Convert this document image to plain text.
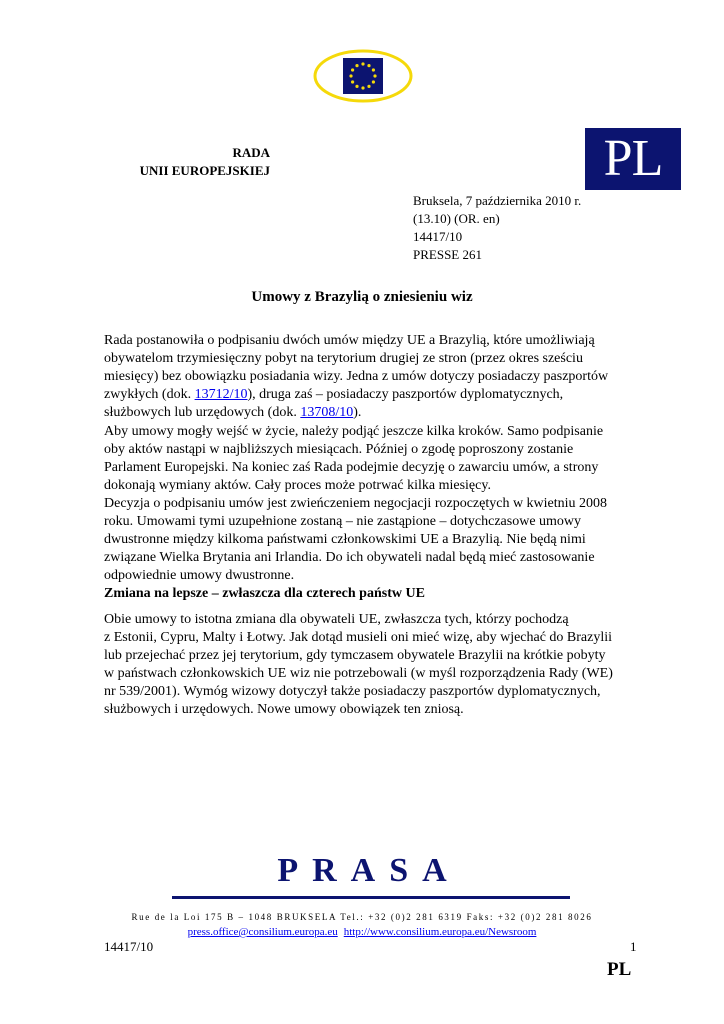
RADA
UNII EUROPEJSKIEJ	PL
Bruksela, 7 października 2010 r.
(13.10) (OR. en)
14417/10
PRESSE 261
Umowy z Brazylią o zniesieniu wiz

Rada postanowiła o podpisaniu dwóch umów między UE a Brazylią, które umożliwiają

obywatelom trzymiesięczny pobyt na terytorium drugiej ze stron (przez okres sześciu

miesięcy) bez obowiązku posiadania wizy. Jedna z umów dotyczy posiadaczy paszportów

zwykłych (dok. 13712/10), druga zaś – posiadaczy paszportów dyplomatycznych,

służbowych lub urzędowych (dok. 13708/10).

Aby umowy mogły wejść w życie, należy podjąć jeszcze kilka kroków. Samo podpisanie

oby aktów nastąpi w najbliższych miesiącach. Później o zgodę poproszony zostanie

Parlament Europejski. Na koniec zaś Rada podejmie decyzję o zawarciu umów, a strony

dokonają wymiany aktów. Cały proces może potrwać kilka miesięcy.

Decyzja o podpisaniu umów jest zwieńczeniem negocjacji rozpoczętych w kwietniu 2008

roku. Umowami tymi uzupełnione zostaną – nie zastąpione – dotychczasowe umowy

dwustronne między kilkoma państwami członkowskimi UE a Brazylią. Nie będą nimi

związane Wielka Brytania ani Irlandia. Do ich obywateli nadal będą mieć zastosowanie

odpowiednie umowy dwustronne.

Zmiana na lepsze – zwłaszcza dla czterech państw UE

Obie umowy to istotna zmiana dla obywateli UE, zwłaszcza tych, którzy pochodzą

z Estonii, Cypru, Malty i Łotwy. Jak dotąd musieli oni mieć wizę, aby wjechać do Brazylii

lub przejechać przez jej terytorium, gdy tymczasem obywatele Brazylii na krótkie pobyty

w państwach członkowskich UE wiz nie potrzebowali (w myśl rozporządzenia Rady (WE)

nr 539/2001). Wymóg wizowy dotyczył także posiadaczy paszportów dyplomatycznych,

służbowych i urzędowych. Nowe umowy obowiązek ten zniosą.

PRASA
Rue de la Loi 175 B – 1048 BRUKSELA Tel.: +32 (0)2 281 6319 Faks: +32 (0)2 281 8026
press.office@consilium.europa.eu http://www.consilium.europa.eu/Newsroom
14417/10	1
PL
